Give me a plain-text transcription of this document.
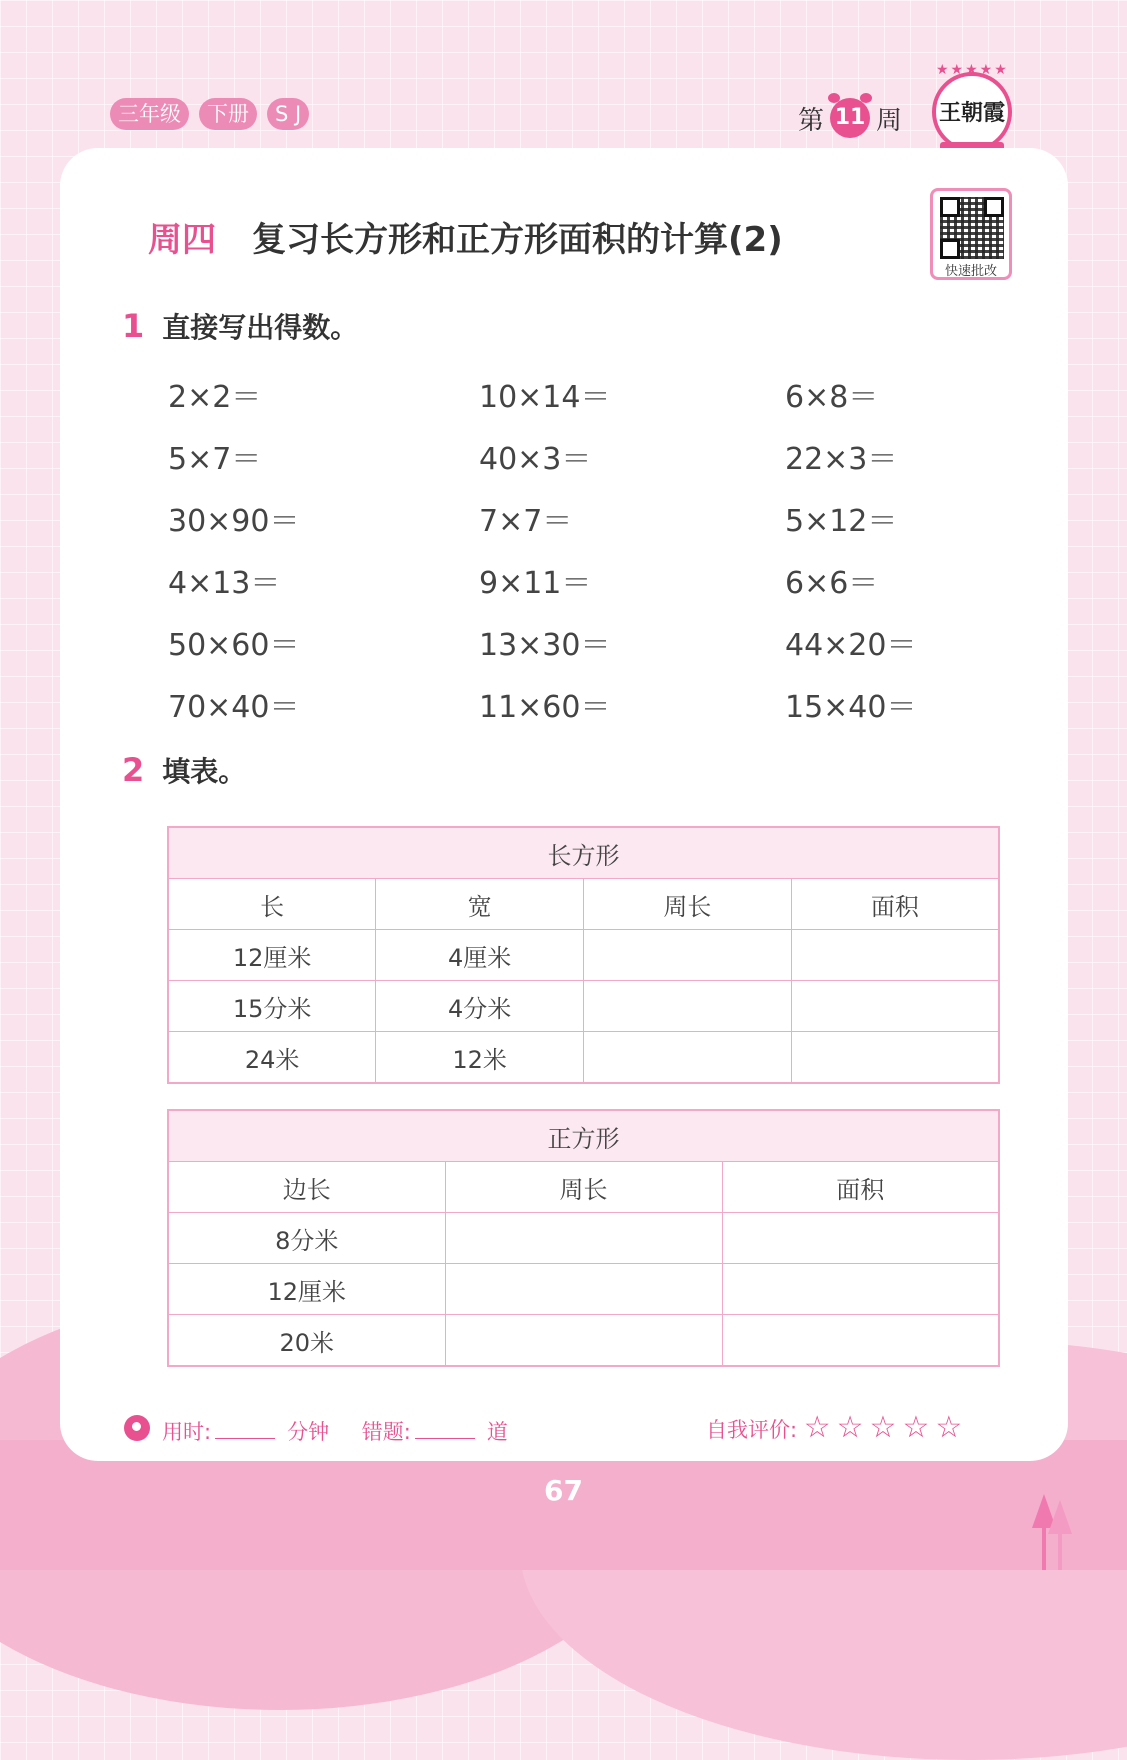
三年级	下册	S J	第 11 周
★★★★★
王朝霞
周四 复习长方形和正方形面积的计算(2)
快速批改
1 直接写出得数。
2×2＝	10×14＝	6×8＝
5×7＝	40×3＝	22×3＝
30×90＝	7×7＝	5×12＝
4×13＝	9×11＝	6×6＝
50×60＝	13×30＝	44×20＝
70×40＝	11×60＝	15×40＝
2 填表。
长方形			
长	宽	周长	面积
12厘米	4厘米		
15分米	4分米		
24米	12米		
正方形		
边长	周长	面积
8分米		
12厘米		
20米		
用时:	分钟 错题:	道	自我评价: ☆☆☆☆☆
67
